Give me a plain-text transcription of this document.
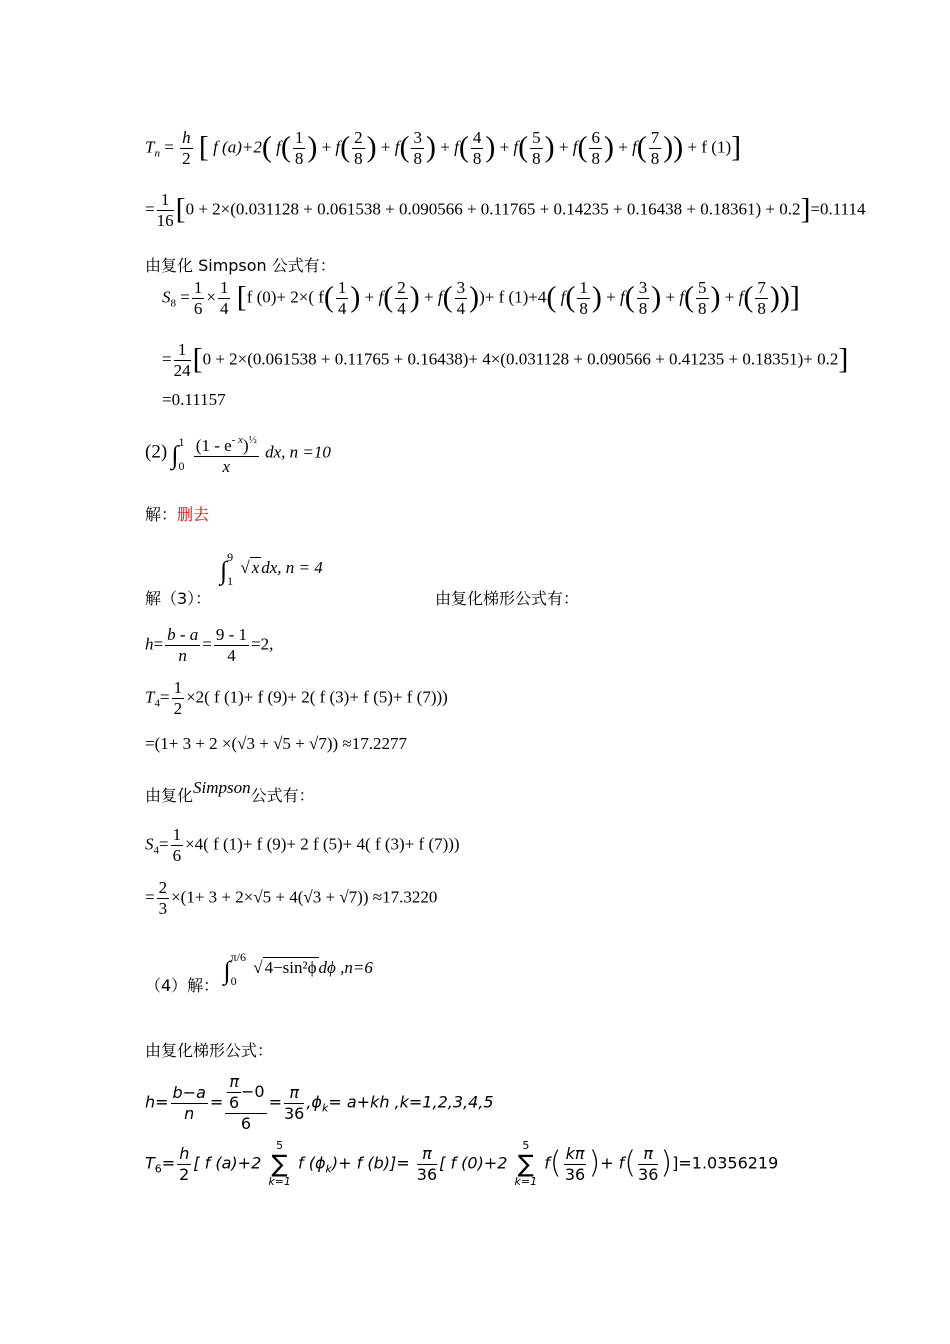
$T_n = \frac{h}{2}$ [ f (a)+2( $f( \frac{1}{8}$ ) + $f( \frac{2}{8}$ ) + $f( \frac{3}{8}$ ) + $f( \frac{4}{8}$ ) + $f( \frac{5}{8}$ ) + $f( \frac{6}{8}$ ) + $f( \frac{7}{8}$ )) + f (1)]
= $\frac{1}{16} [0 + 2\times(0.031128 + 0.061538 + 0.090566 + 0.11765 + 0.14235 + 0.16438 + 0.18361) + 0.2]=0.1114$
由复化 Simpson 公式有：
$S_8 = \frac{1}{6} \times \frac{1}{4} [f$ (0)+ 2×( $f( \frac{1}{4}$ ) + $f( \frac{2}{4}$ ) + $f( \frac{3}{4}$ ))+ f (1)+4( $f( \frac{1}{8}$ ) + $f( \frac{3}{8}$ ) + $f( \frac{5}{8}$ ) + $f( \frac{7}{8}$ ))]
= $\frac{1}{24} [0 + 2\times(0.061538 + 0.11765 + 0.16438)+ 4\times(0.031128 + 0.090566 + 0.41235 + 0.18351)+ 0.2]$
=0.11157
(2) ∫ 1
0
$\frac{(1 - e^{- x})^{\frac{1}{2}}}{x}$ dx, n =10
解：删去
∫ 9
1
√ x dx, n = 4
解（3）：	由复化梯形公式有：
$h= \frac{b - a}{n} = \frac{9 - 1}{4} =2$,
$T_4= \frac{1}{2} \times 2$( f (1)+ f (9)+ 2( f (3)+ f (5)+ f (7)))
=(1+ 3 + 2 ×(√3 + √5 + √7)) ≈17.2277
由复化Simpson公式有：
$S_4= \frac{1}{6} \times 4$( f (1)+ f (9)+ 2 f (5)+ 4( f (3)+ f (7)))
= $\frac{2}{3} \times(1+ 3 + 2\times√5 + 4(√3 + √7)) \approx 17.3220$
（4）解： ∫ π/6
0
√ 4−sin²ϕ dϕ ,n=6
由复化梯形公式：
$h= \frac{b-a}{n} = \frac{\frac{\pi}{6} -0}{6} = \frac{\pi}{36} ,\phi_k= a+kh$ ,k=1,2,3,4,5
$T_6= \frac{h}{2}$ [ f (a)+2
5
∑
k=1
f $(\phi_k)+ f$ $(b)]= \frac{\pi}{36}$ [ f (0)+2
5
∑
k=1
$f( \frac{k\pi}{36}$ )+ $f( \frac{\pi}{36} )]=1.0356219$
